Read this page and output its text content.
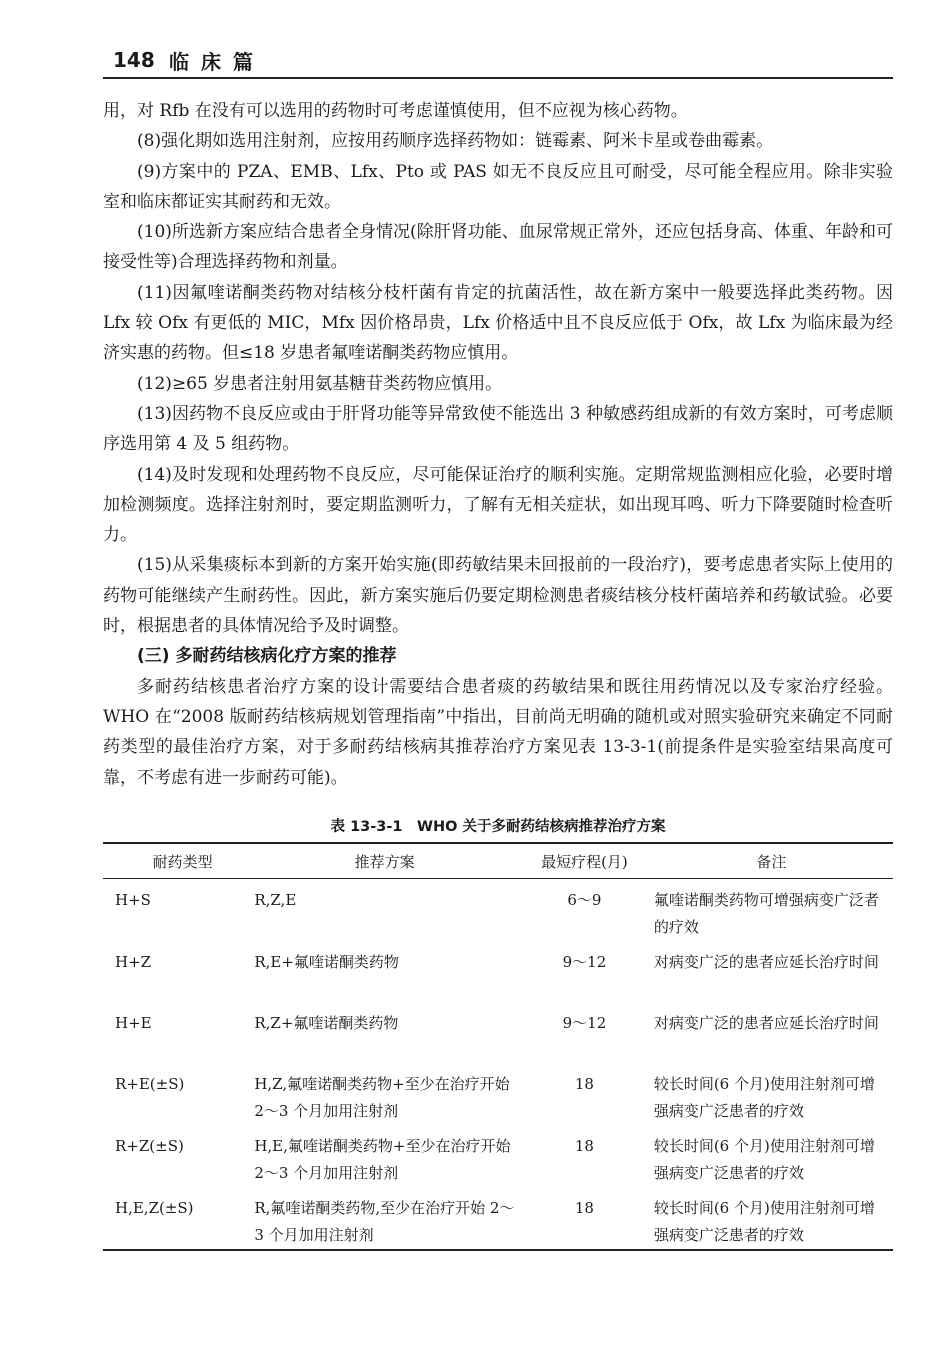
148 临床篇

用，对 Rfb 在没有可以选用的药物时可考虑谨慎使用，但不应视为核心药物。

(8)强化期如选用注射剂，应按用药顺序选择药物如：链霉素、阿米卡星或卷曲霉素。

(9)方案中的 PZA、EMB、Lfx、Pto 或 PAS 如无不良反应且可耐受，尽可能全程应用。除非实验室和临床都证实其耐药和无效。

(10)所选新方案应结合患者全身情况(除肝肾功能、血尿常规正常外，还应包括身高、体重、年龄和可接受性等)合理选择药物和剂量。

(11)因氟喹诺酮类药物对结核分枝杆菌有肯定的抗菌活性，故在新方案中一般要选择此类药物。因 Lfx 较 Ofx 有更低的 MIC，Mfx 因价格昂贵，Lfx 价格适中且不良反应低于 Ofx，故 Lfx 为临床最为经济实惠的药物。但≤18 岁患者氟喹诺酮类药物应慎用。

(12)≥65 岁患者注射用氨基糖苷类药物应慎用。

(13)因药物不良反应或由于肝肾功能等异常致使不能选出 3 种敏感药组成新的有效方案时，可考虑顺序选用第 4 及 5 组药物。

(14)及时发现和处理药物不良反应，尽可能保证治疗的顺利实施。定期常规监测相应化验，必要时增加检测频度。选择注射剂时，要定期监测听力，了解有无相关症状，如出现耳鸣、听力下降要随时检查听力。

(15)从采集痰标本到新的方案开始实施(即药敏结果未回报前的一段治疗)，要考虑患者实际上使用的药物可能继续产生耐药性。因此，新方案实施后仍要定期检测患者痰结核分枝杆菌培养和药敏试验。必要时，根据患者的具体情况给予及时调整。

(三) 多耐药结核病化疗方案的推荐

多耐药结核患者治疗方案的设计需要结合患者痰的药敏结果和既往用药情况以及专家治疗经验。WHO 在“2008 版耐药结核病规划管理指南”中指出，目前尚无明确的随机或对照实验研究来确定不同耐药类型的最佳治疗方案，对于多耐药结核病其推荐治疗方案见表 13-3-1(前提条件是实验室结果高度可靠，不考虑有进一步耐药可能)。

表 13-3-1　WHO 关于多耐药结核病推荐治疗方案
耐药类型	推荐方案	最短疗程(月)	备注
H+S	R,Z,E	6～9	氟喹诺酮类药物可增强病变广泛者的疗效
H+Z	R,E+氟喹诺酮类药物	9～12	对病变广泛的患者应延长治疗时间
H+E	R,Z+氟喹诺酮类药物	9～12	对病变广泛的患者应延长治疗时间
R+E(±S)	H,Z,氟喹诺酮类药物+至少在治疗开始 2～3 个月加用注射剂	18	较长时间(6 个月)使用注射剂可增强病变广泛患者的疗效
R+Z(±S)	H,E,氟喹诺酮类药物+至少在治疗开始 2～3 个月加用注射剂	18	较长时间(6 个月)使用注射剂可增强病变广泛患者的疗效
H,E,Z(±S)	R,氟喹诺酮类药物,至少在治疗开始 2～3 个月加用注射剂	18	较长时间(6 个月)使用注射剂可增强病变广泛患者的疗效
